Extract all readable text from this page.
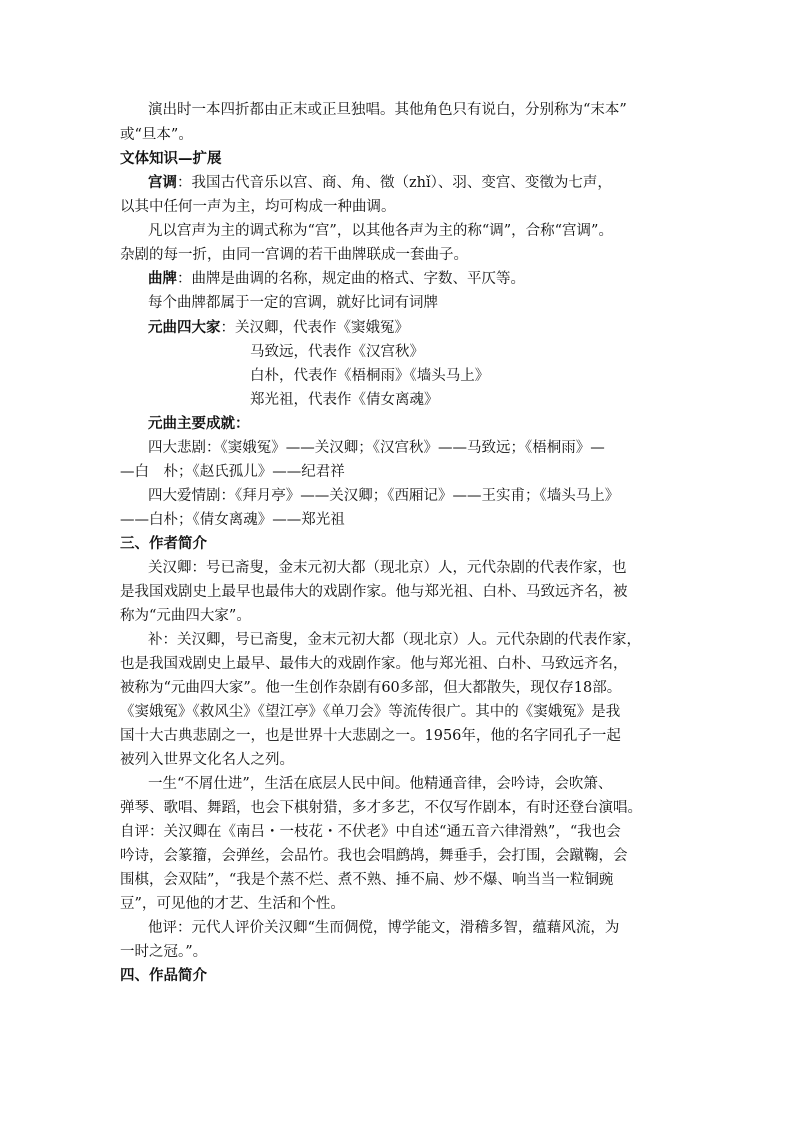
演出时一本四折都由正末或正旦独唱。其他角色只有说白，分别称为“末本”
或“旦本”。
文体知识—扩展
宫调：我国古代音乐以宫、商、角、徵（zhǐ）、羽、变宫、变徵为七声，
以其中任何一声为主，均可构成一种曲调。
凡以宫声为主的调式称为“宫”，以其他各声为主的称“调”，合称“宫调”。
杂剧的每一折，由同一宫调的若干曲牌联成一套曲子。
曲牌：曲牌是曲调的名称，规定曲的格式、字数、平仄等。
每个曲牌都属于一定的宫调，就好比词有词牌
元曲四大家：关汉卿，代表作《窦娥冤》
马致远，代表作《汉宫秋》
白朴，代表作《梧桐雨》《墙头马上》
郑光祖，代表作《倩女离魂》
元曲主要成就：
四大悲剧：《窦娥冤》——关汉卿；《汉宫秋》——马致远；《梧桐雨》—
—白　朴；《赵氏孤儿》——纪君祥
四大爱情剧：《拜月亭》——关汉卿；《西厢记》——王实甫；《墙头马上》
——白朴；《倩女离魂》——郑光祖
三、作者简介
关汉卿：号已斋叟，金末元初大都（现北京）人，元代杂剧的代表作家，也
是我国戏剧史上最早也最伟大的戏剧作家。他与郑光祖、白朴、马致远齐名，被
称为“元曲四大家”。
补：关汉卿，号已斋叟，金末元初大都（现北京）人。元代杂剧的代表作家，
也是我国戏剧史上最早、最伟大的戏剧作家。他与郑光祖、白朴、马致远齐名，
被称为“元曲四大家”。他一生创作杂剧有60多部，但大都散失，现仅存18部。
《窦娥冤》《救风尘》《望江亭》《单刀会》等流传很广。其中的《窦娥冤》是我
国十大古典悲剧之一，也是世界十大悲剧之一。1956年，他的名字同孔子一起
被列入世界文化名人之列。
一生“不屑仕进”，生活在底层人民中间。他精通音律，会吟诗，会吹箫、
弹琴、歌唱、舞蹈，也会下棋射猎，多才多艺，不仅写作剧本，有时还登台演唱。
自评：关汉卿在《南吕・一枝花・不伏老》中自述“通五音六律滑熟”，“我也会
吟诗，会篆籀，会弹丝，会品竹。我也会唱鹧鸪，舞垂手，会打围，会蹴鞠，会
围棋，会双陆”，“我是个蒸不烂、煮不熟、捶不扁、炒不爆、响当当一粒铜豌
豆”，可见他的才艺、生活和个性。
他评：元代人评价关汉卿“生而倜傥，博学能文，滑稽多智，蕴藉风流，为
一时之冠。”。
四、作品简介
